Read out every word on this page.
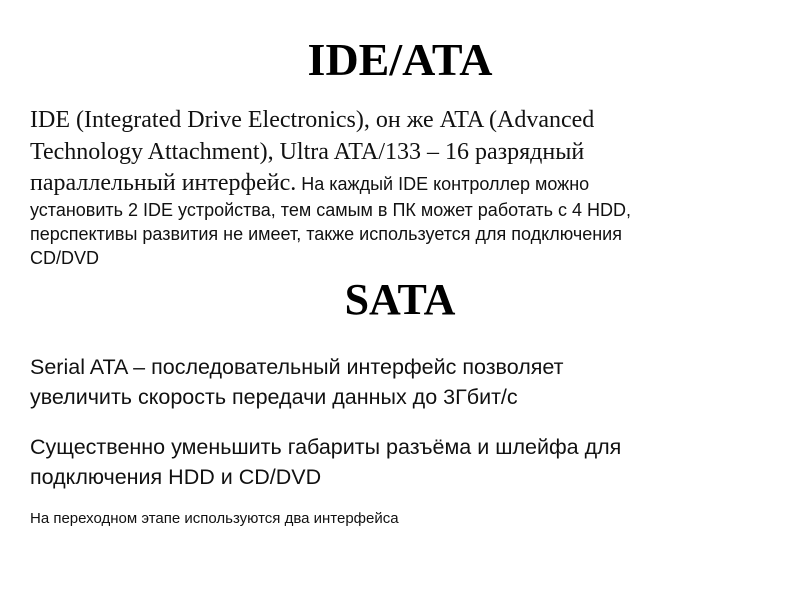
IDE/ATA
IDE (Integrated Drive Electronics), он же ATA (Advanced
Technology Attachment), Ultra ATA/133 – 16 разрядный
параллельный интерфейс. На каждый IDE контроллер можно
установить 2 IDE устройства, тем самым в ПК может работать с 4 HDD,
перспективы развития не имеет, также используется для подключения
CD/DVD
SATA

Serial ATA – последовательный интерфейс позволяет
увеличить скорость передачи данных до 3Гбит/с

Существенно уменьшить габариты разъёма и шлейфа для
подключения HDD и CD/DVD

На переходном этапе используются два интерфейса
